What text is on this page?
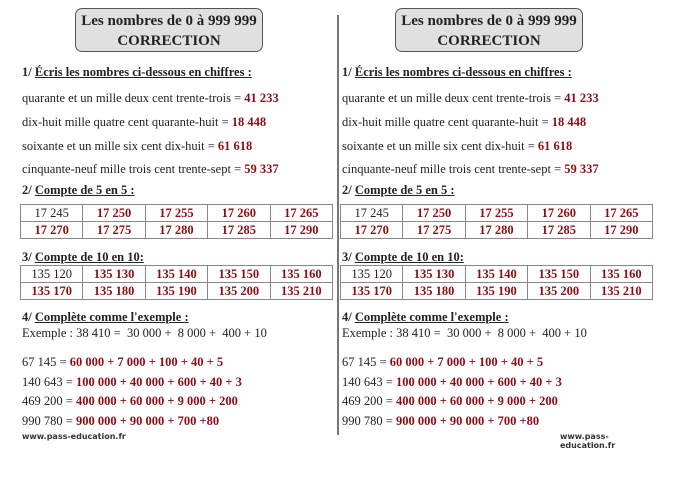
Les nombres de 0 à 999 999
CORRECTION
1/ Écris les nombres ci-dessous en chiffres :
quarante et un mille deux cent trente-trois = 41 233
dix-huit mille quatre cent quarante-huit = 18 448
soixante et un mille six cent dix-huit = 61 618
cinquante-neuf mille trois cent trente-sept = 59 337
2/ Compte de 5 en 5 :
17 245	17 250	17 255	17 260	17 265
17 270	17 275	17 280	17 285	17 290
3/ Compte de 10 en 10:
135 120	135 130	135 140	135 150	135 160
135 170	135 180	135 190	135 200	135 210
4/ Complète comme l'exemple :
Exemple : 38 410 =  30 000 +  8 000 +  400 + 10
67 145 = 60 000 + 7 000 + 100 + 40 + 5
140 643 = 100 000 + 40 000 + 600 + 40 + 3
469 200 = 400 000 + 60 000 + 9 000 + 200
990 780 = 900 000 + 90 000 + 700 +80
www.pass-education.fr
Les nombres de 0 à 999 999
CORRECTION
1/ Écris les nombres ci-dessous en chiffres :
quarante et un mille deux cent trente-trois = 41 233
dix-huit mille quatre cent quarante-huit = 18 448
soixante et un mille six cent dix-huit = 61 618
cinquante-neuf mille trois cent trente-sept = 59 337
2/ Compte de 5 en 5 :
17 245	17 250	17 255	17 260	17 265
17 270	17 275	17 280	17 285	17 290
3/ Compte de 10 en 10:
135 120	135 130	135 140	135 150	135 160
135 170	135 180	135 190	135 200	135 210
4/ Complète comme l'exemple :
Exemple : 38 410 =  30 000 +  8 000 +  400 + 10
67 145 = 60 000 + 7 000 + 100 + 40 + 5
140 643 = 100 000 + 40 000 + 600 + 40 + 3
469 200 = 400 000 + 60 000 + 9 000 + 200
990 780 = 900 000 + 90 000 + 700 +80
www.pass-education.fr
